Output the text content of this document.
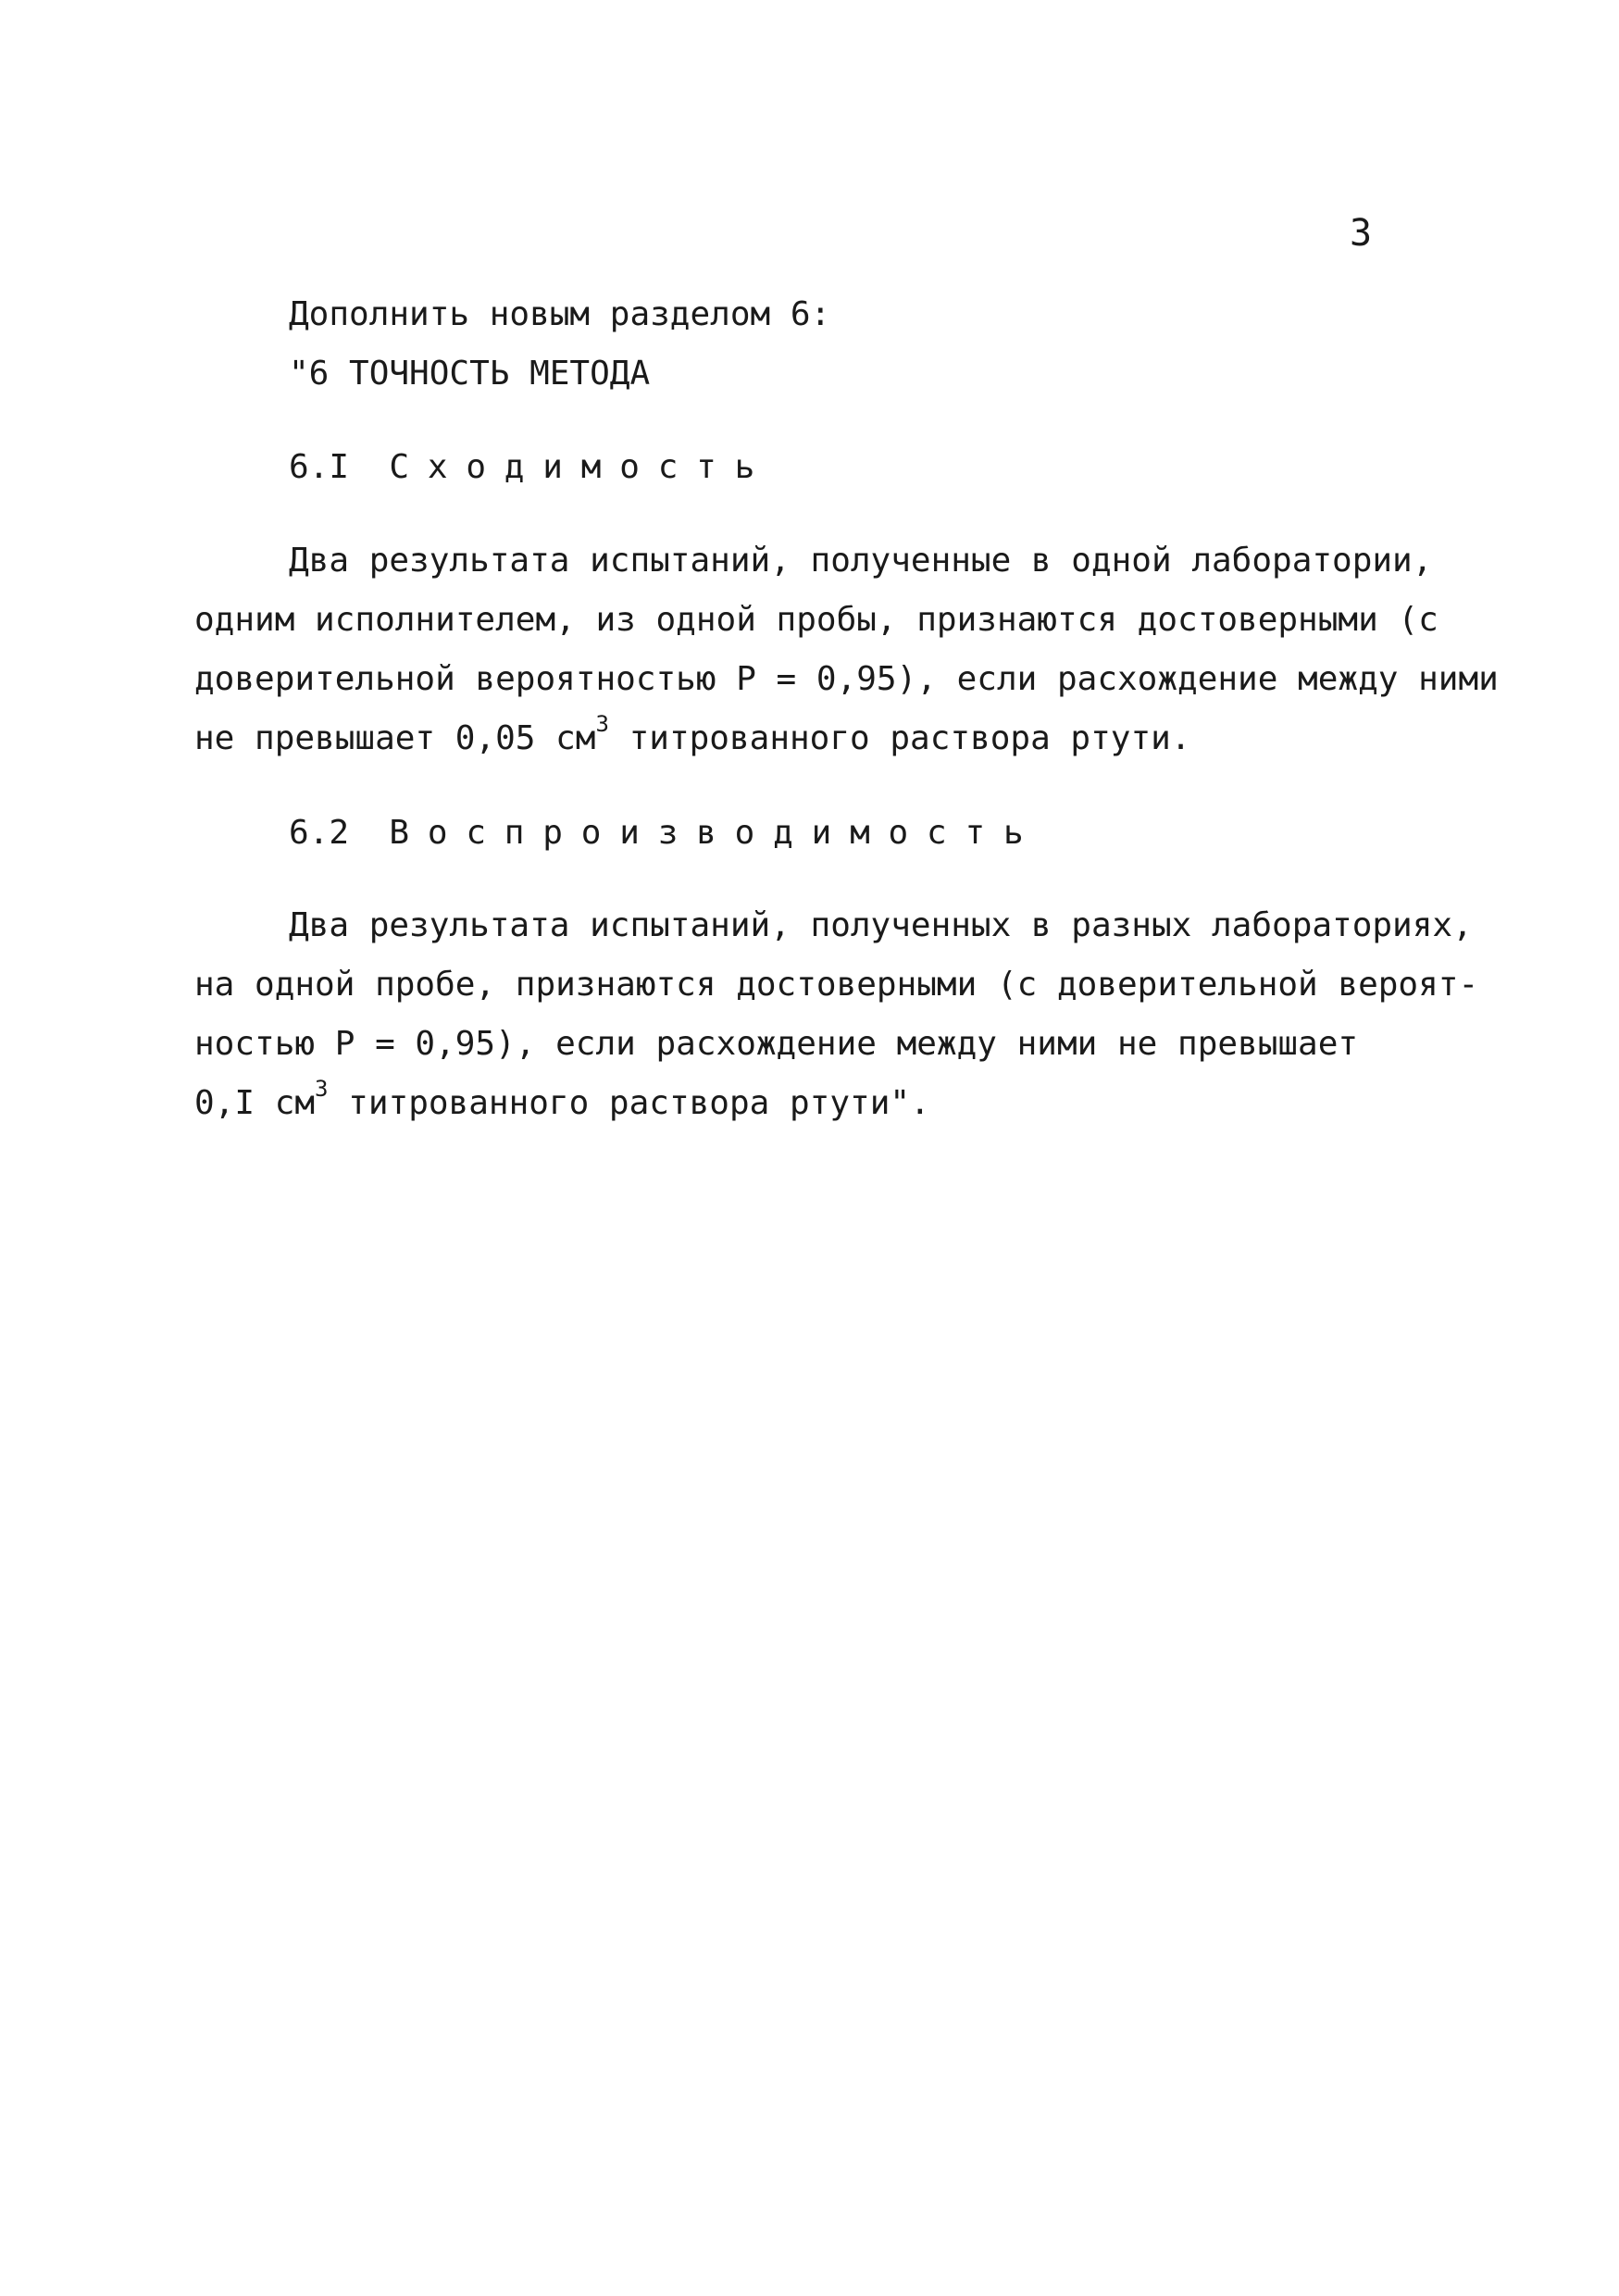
3
Дополнить новым разделом 6:
"6 ТОЧНОСТЬ МЕТОДА
6.I Сходимость
Два результата испытаний, полученные в одной лаборатории,
одним исполнителем, из одной пробы, признаются достоверными (с
доверительной вероятностью Р = 0,95), если расхождение между ними
не превышает 0,05 $см^3$ титрованного раствора ртути.
6.2 Воспроизводимость
Два результата испытаний, полученных в разных лабораториях,
на одной пробе, признаются достоверными (с доверительной вероят-
ностью Р = 0,95), если расхождение между ними не превышает
0,I $см^3$ титрованного раствора ртути".
